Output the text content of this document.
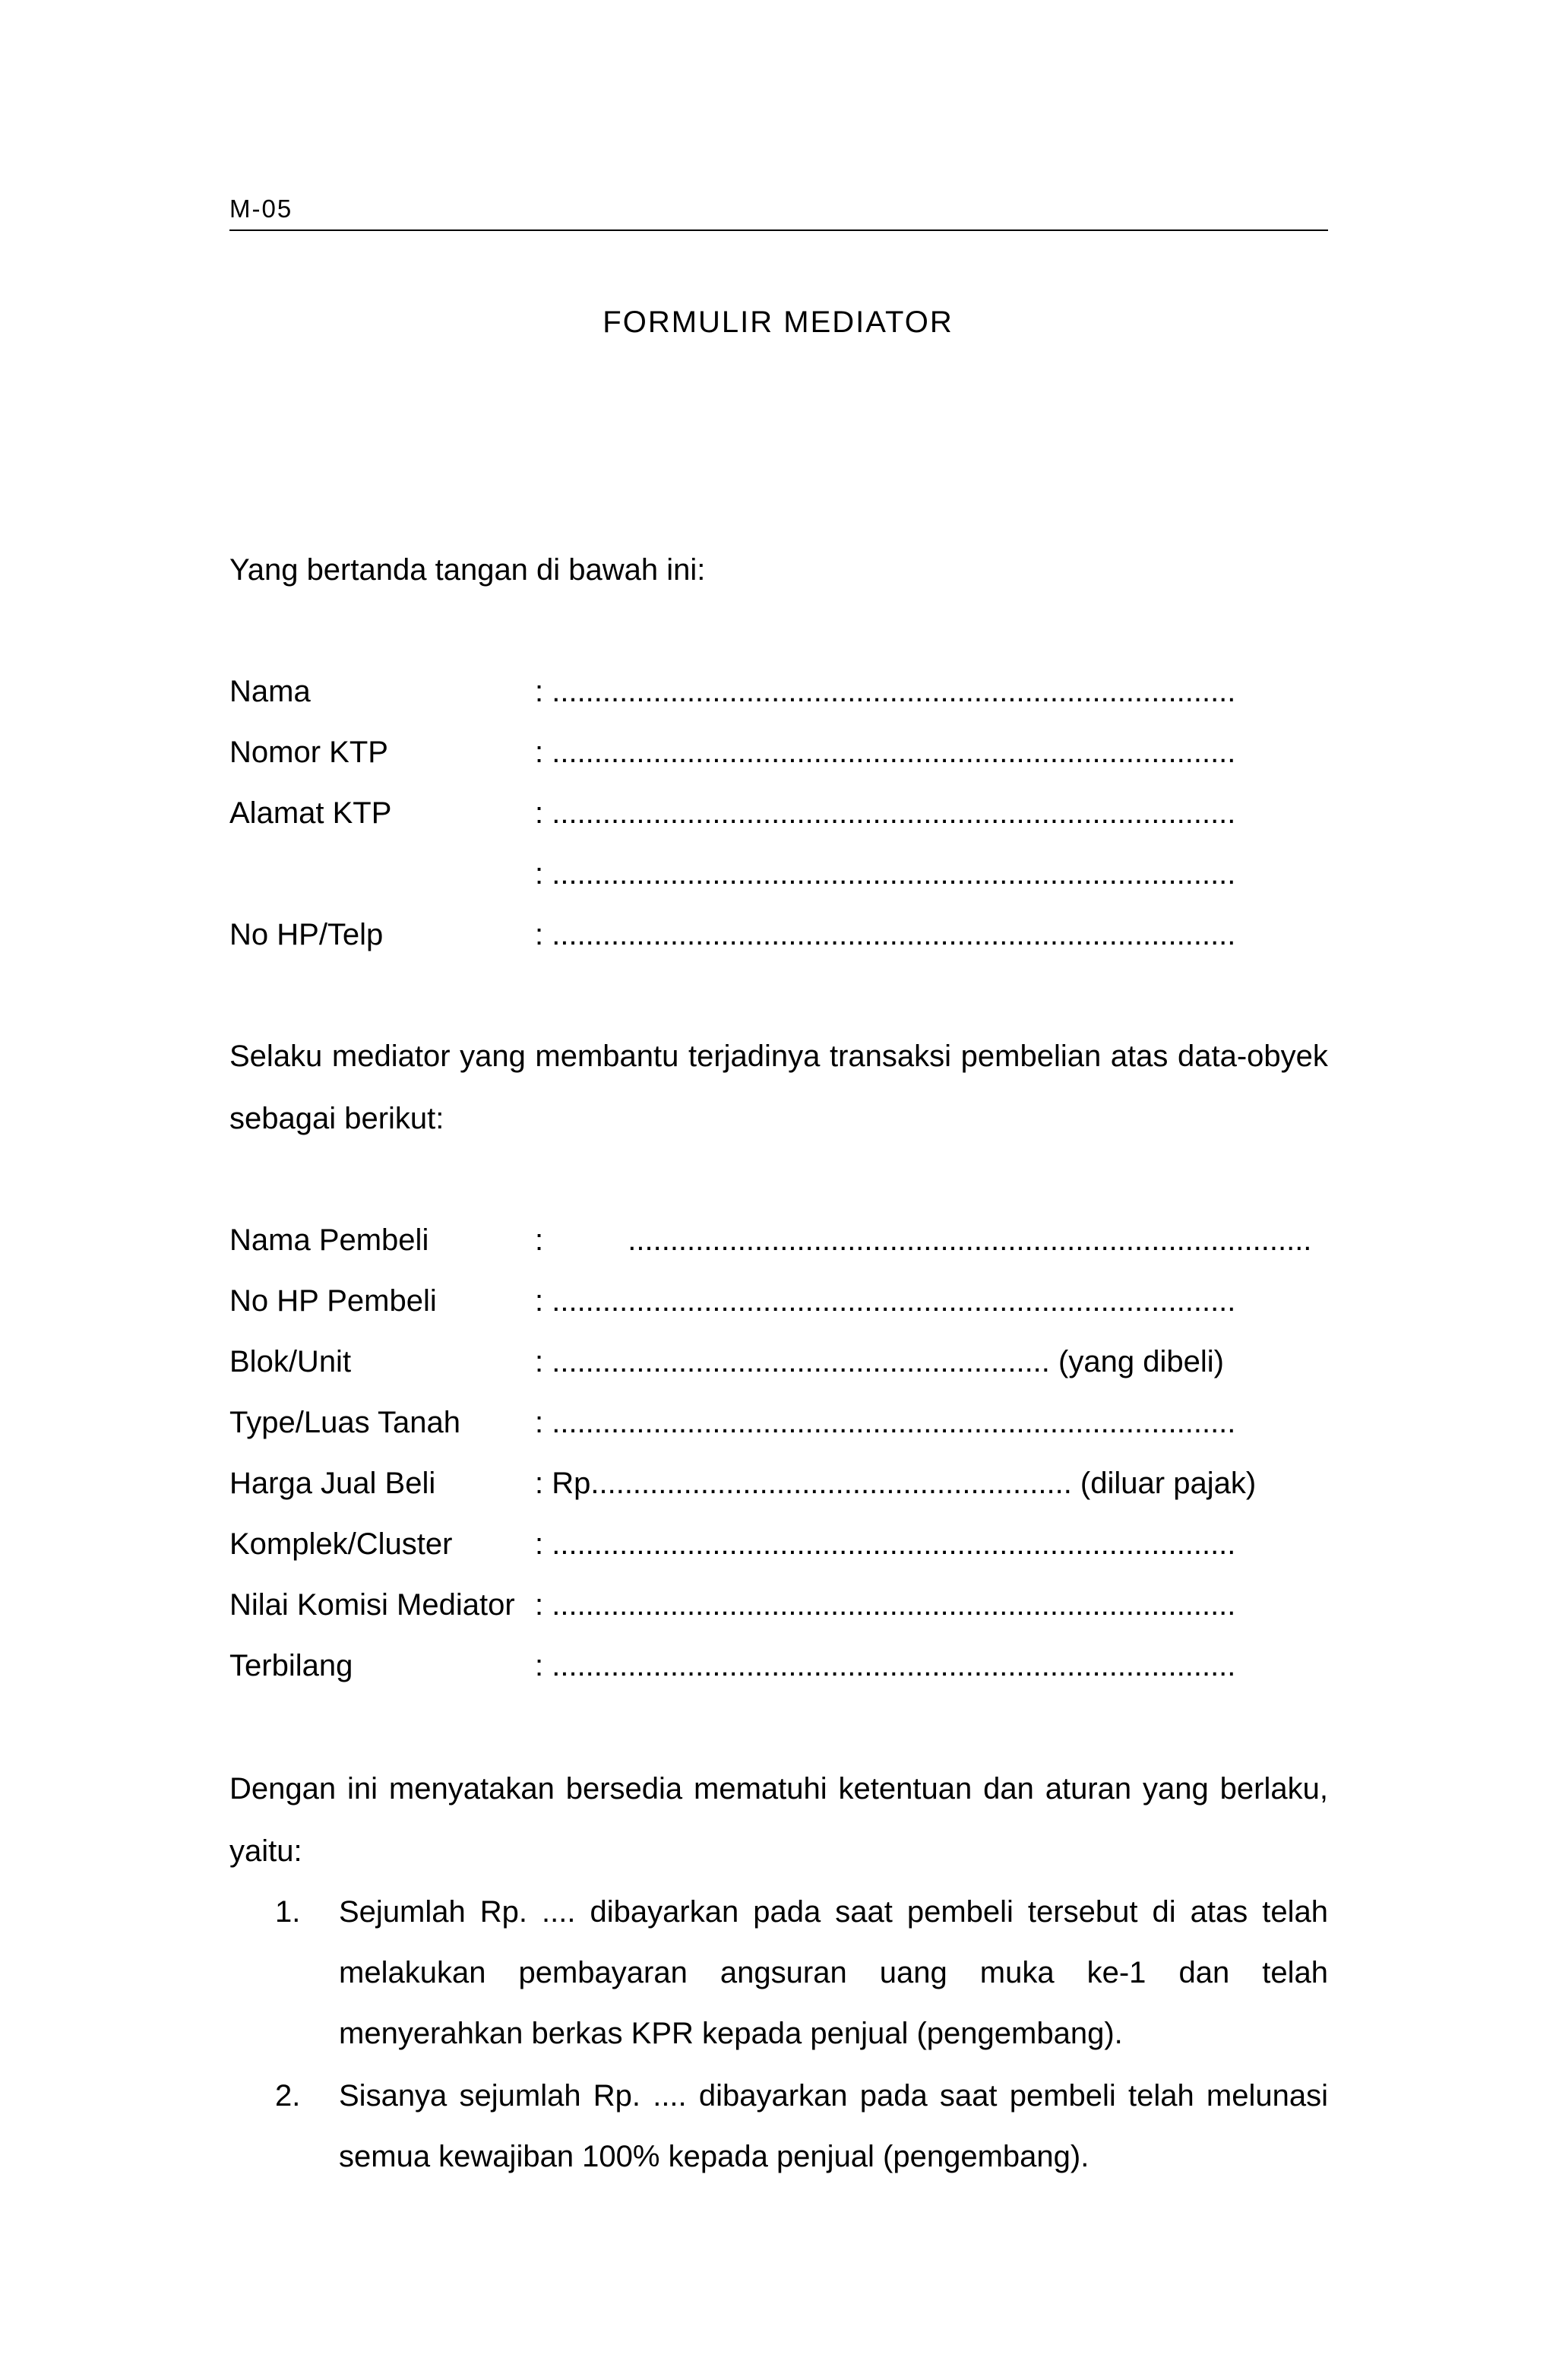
M-05
FORMULIR MEDIATOR
Yang bertanda tangan di bawah ini:
Nama	: .................................................................................
Nomor KTP	: .................................................................................
Alamat KTP	: .................................................................................
: .................................................................................
No HP/Telp	: .................................................................................
Selaku mediator yang membantu terjadinya transaksi pembelian atas data-obyek
sebagai berikut:
Nama Pembeli	:          .................................................................................
No HP Pembeli	: .................................................................................
Blok/Unit	: ........................................................... (yang dibeli)
Type/Luas Tanah : .................................................................................
Harga Jual Beli	: Rp......................................................... (diluar pajak)
Komplek/Cluster	: .................................................................................
Nilai Komisi Mediator : .................................................................................
Terbilang	: .................................................................................
Dengan ini menyatakan bersedia mematuhi ketentuan dan aturan yang berlaku,
yaitu:
1. Sejumlah Rp. .... dibayarkan pada saat pembeli tersebut di atas telah melakukan pembayaran angsuran uang muka ke-1 dan telah menyerahkan berkas KPR kepada penjual (pengembang).
2. Sisanya sejumlah Rp. .... dibayarkan pada saat pembeli telah melunasi semua kewajiban 100% kepada penjual (pengembang).
